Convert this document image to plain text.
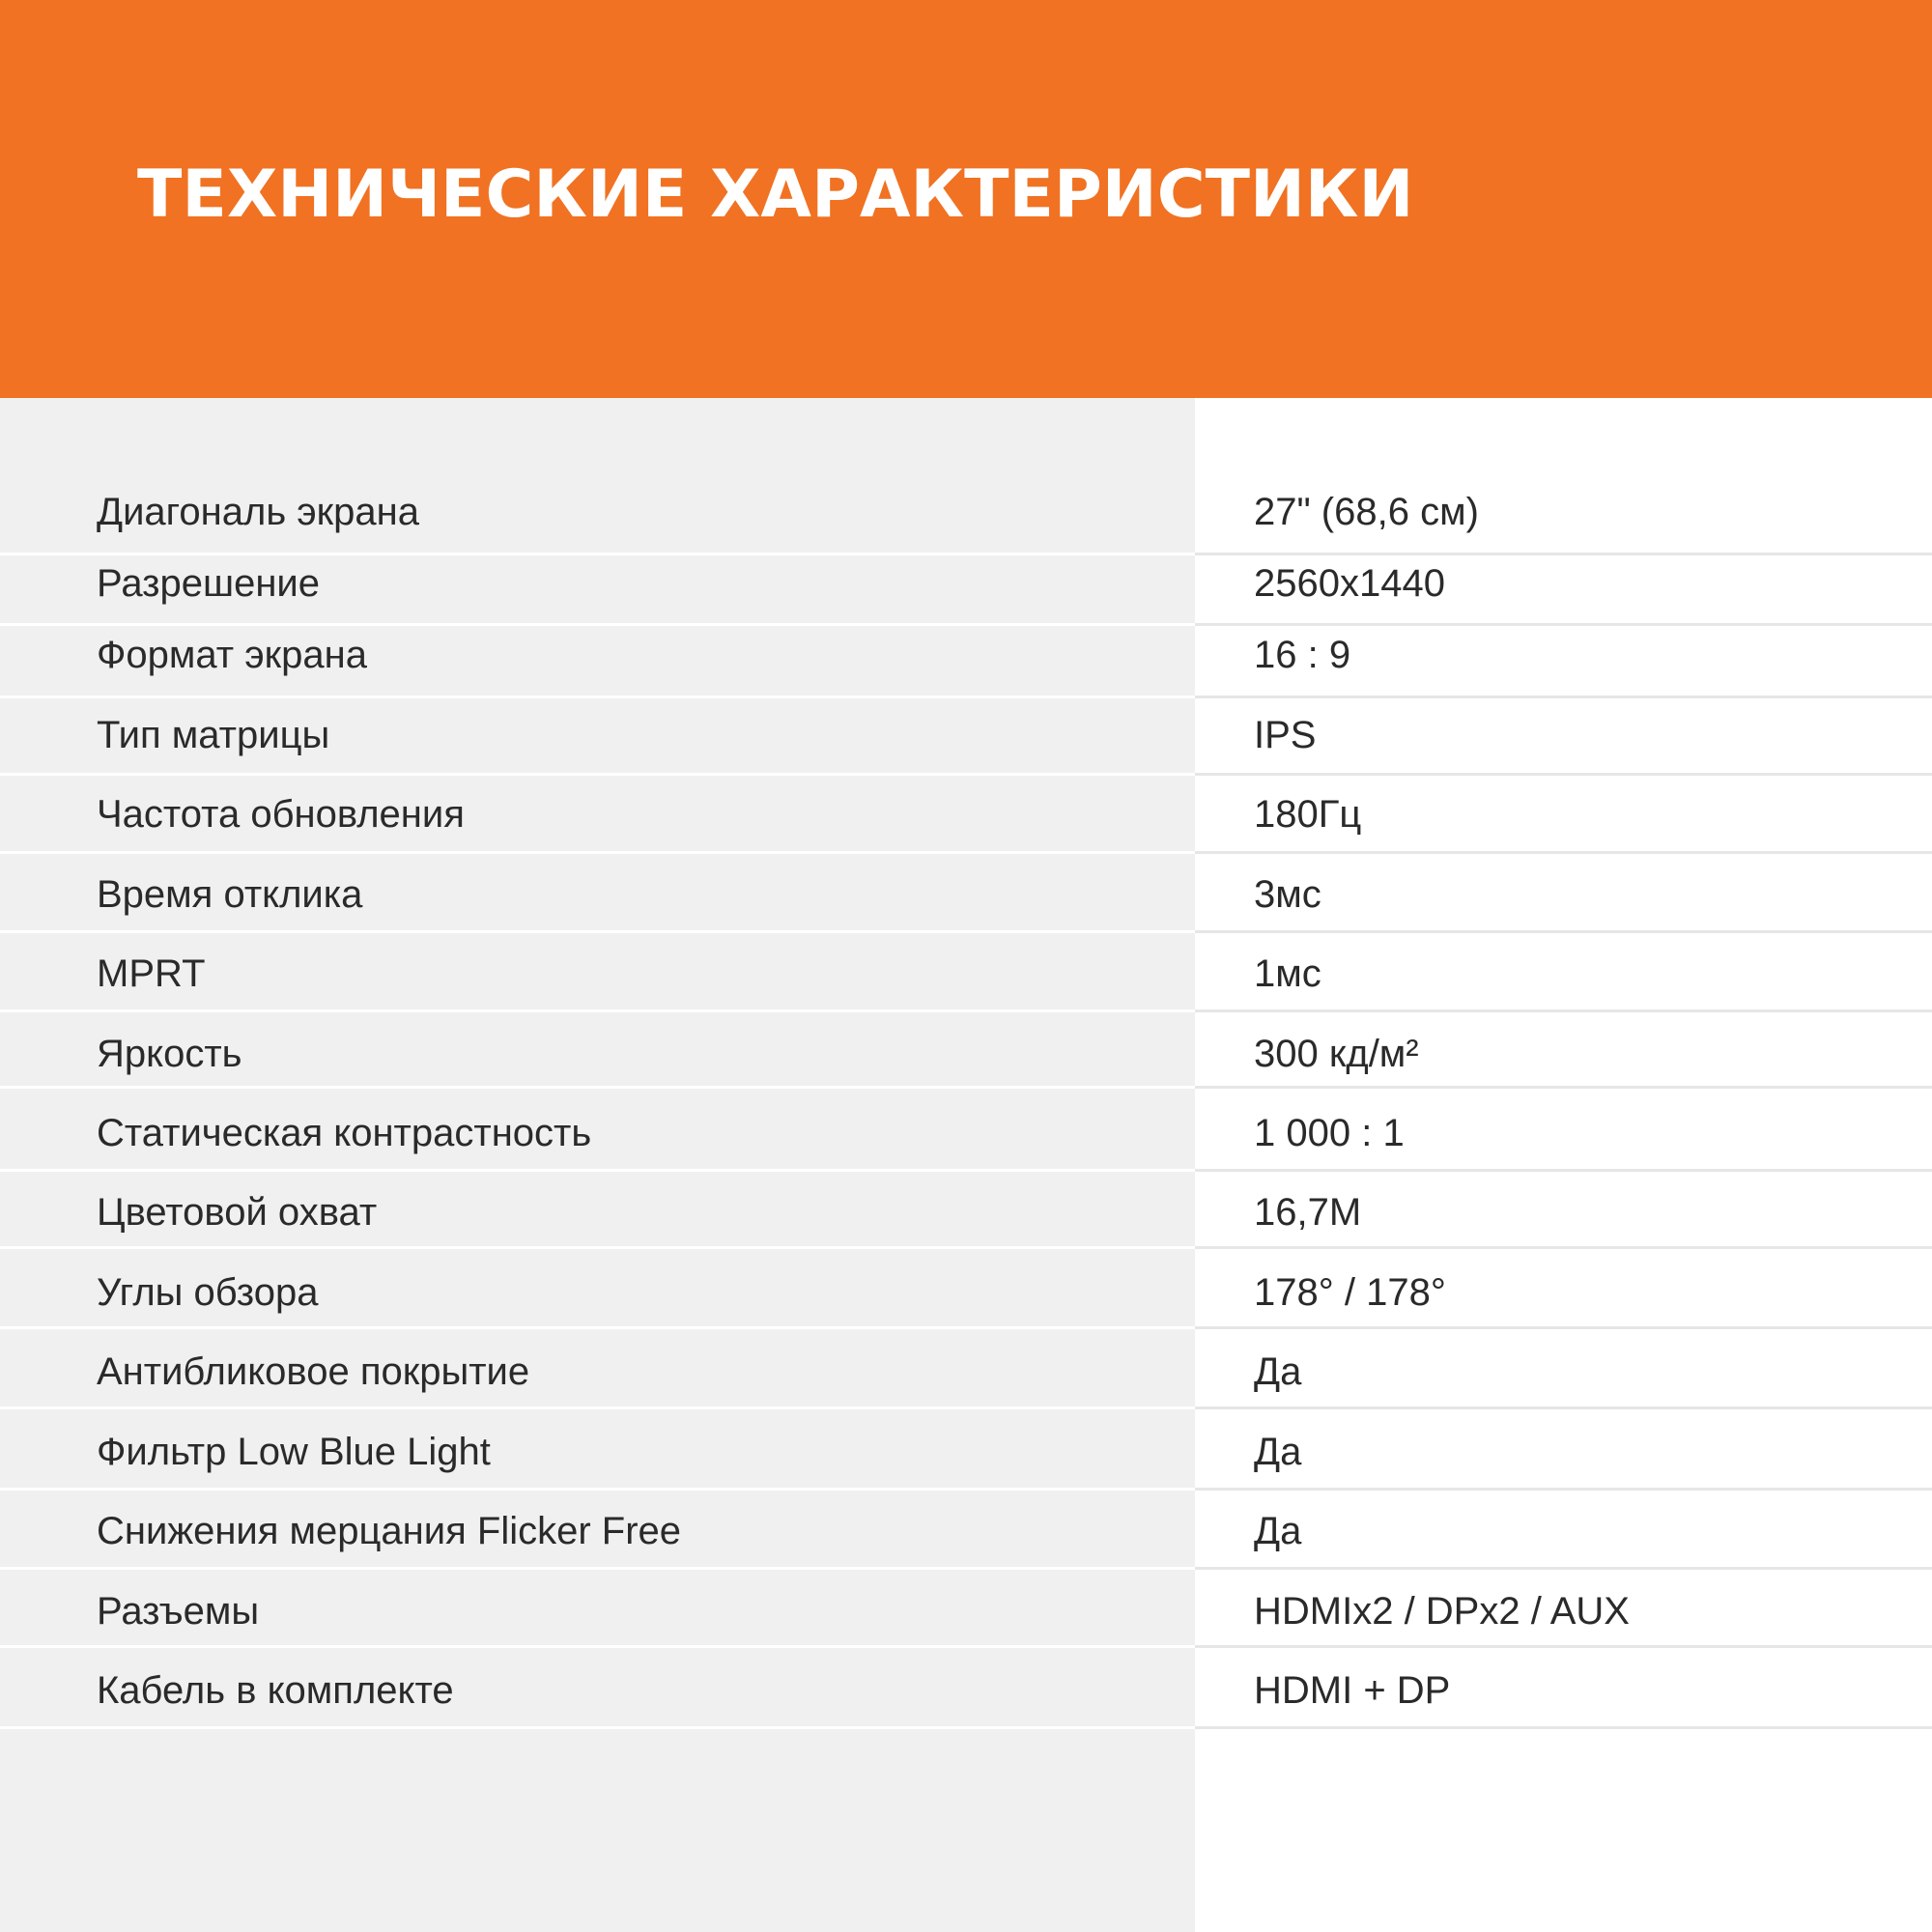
ТЕХНИЧЕСКИЕ ХАРАКТЕРИСТИКИ
Диагональ экрана	27" (68,6 см)
Разрешение	2560x1440
Формат экрана	16 : 9
Тип матрицы	IPS
Частота обновления	180Гц
Время отклика	3мс
MPRT	1мс
Яркость	300 кд/м²
Статическая контрастность	1 000 : 1
Цветовой охват	16,7М
Углы обзора	178° / 178°
Антибликовое покрытие	Да
Фильтр Low Blue Light	Да
Снижения мерцания Flicker Free	Да
Разъемы	HDMIx2 / DPx2 / AUX
Кабель в комплекте	HDMI + DP
